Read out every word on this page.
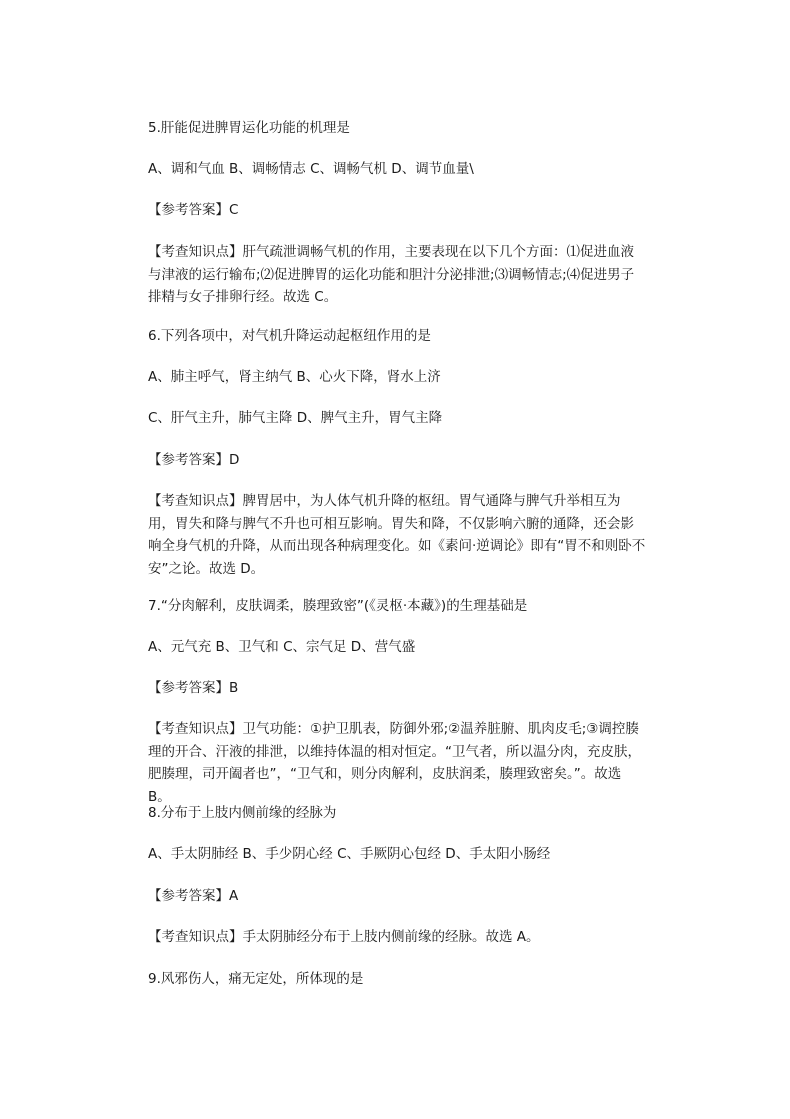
5.肝能促进脾胃运化功能的机理是
A、调和气血 B、调畅情志 C、调畅气机 D、调节血量\
【参考答案】C
【考查知识点】肝气疏泄调畅气机的作用，主要表现在以下几个方面：⑴促进血液与津液的运行输布;⑵促进脾胃的运化功能和胆汁分泌排泄;⑶调畅情志;⑷促进男子排精与女子排卵行经。故选 C。
6.下列各项中，对气机升降运动起枢纽作用的是
A、肺主呼气，肾主纳气 B、心火下降，肾水上济
C、肝气主升，肺气主降 D、脾气主升，胃气主降
【参考答案】D
【考查知识点】脾胃居中，为人体气机升降的枢纽。胃气通降与脾气升举相互为用，胃失和降与脾气不升也可相互影响。胃失和降，不仅影响六腑的通降，还会影响全身气机的升降，从而出现各种病理变化。如《素问·逆调论》即有“胃不和则卧不安”之论。故选 D。
7.“分肉解利，皮肤调柔，腠理致密”(《灵枢·本藏》)的生理基础是
A、元气充 B、卫气和 C、宗气足 D、营气盛
【参考答案】B
【考查知识点】卫气功能：①护卫肌表，防御外邪;②温养脏腑、肌肉皮毛;③调控腠理的开合、汗液的排泄，以维持体温的相对恒定。“卫气者，所以温分肉，充皮肤，肥腠理，司开阖者也”，“卫气和，则分肉解利，皮肤润柔，腠理致密矣。”。故选 B。
8.分布于上肢内侧前缘的经脉为
A、手太阴肺经 B、手少阴心经 C、手厥阴心包经 D、手太阳小肠经
【参考答案】A
【考查知识点】手太阴肺经分布于上肢内侧前缘的经脉。故选 A。
9.风邪伤人，痛无定处，所体现的是
